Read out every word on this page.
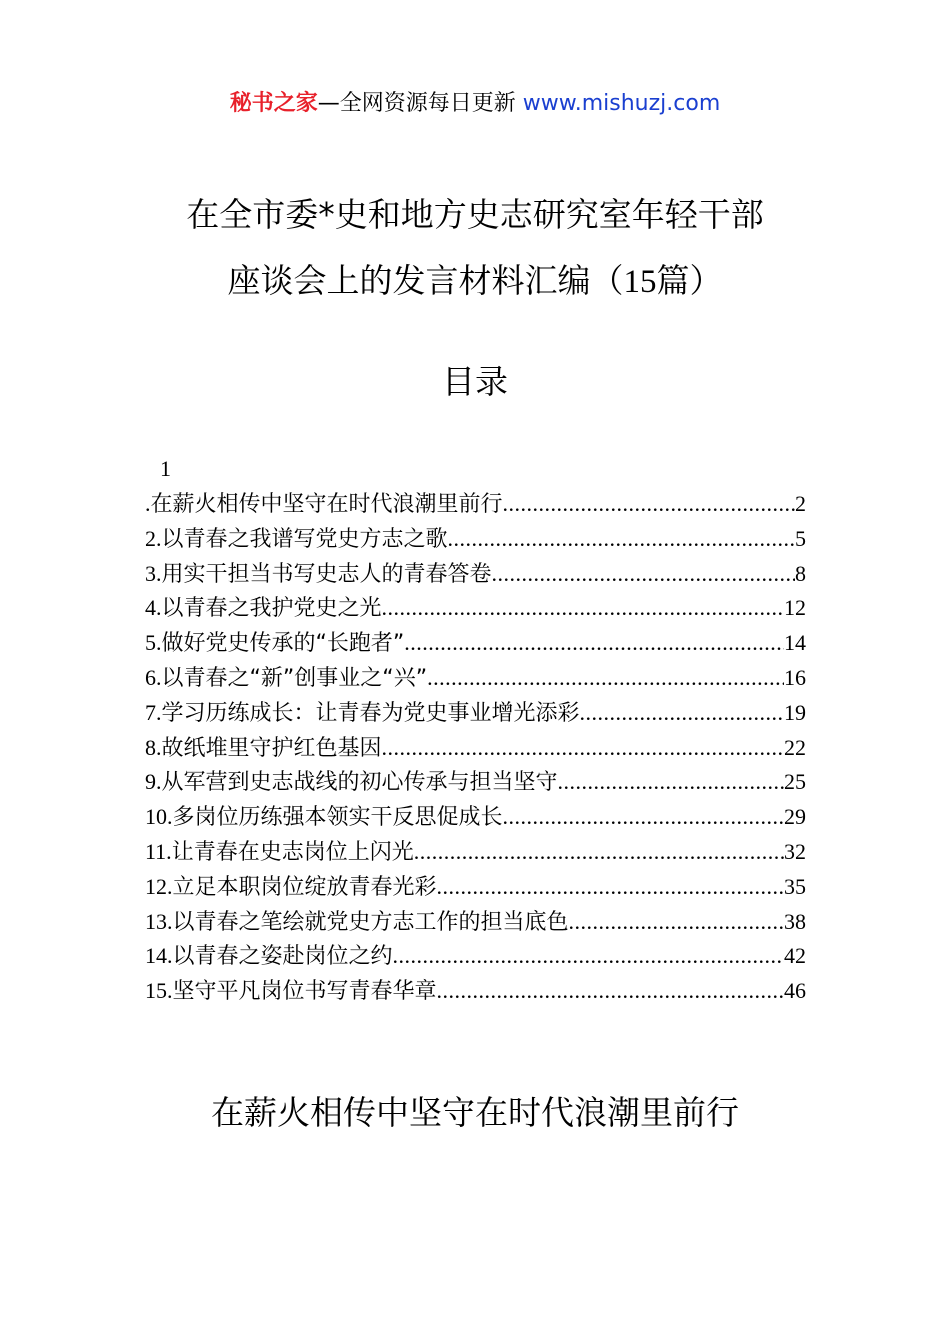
秘书之家—全网资源每日更新 www.mishuzj.com
在全市委*史和地方史志研究室年轻干部
座谈会上的发言材料汇编（15篇）
目录
1
. 在薪火相传中坚守在时代浪潮里前行 .....	2
2. 以青春之我谱写党史方志之歌 .....	5
3. 用实干担当书写史志人的青春答卷 .....	8
4. 以青春之我护党史之光 .....	12
5. 做好党史传承的“长跑者” .....	14
6. 以青春之“新”创事业之“兴” .....	16
7. 学习历练成长：让青春为党史事业增光添彩 .....	19
8. 故纸堆里守护红色基因 .....	22
9. 从军营到史志战线的初心传承与担当坚守 .....	25
10. 多岗位历练强本领实干反思促成长 .....	29
11. 让青春在史志岗位上闪光 .....	32
12. 立足本职岗位绽放青春光彩 .....	35
13. 以青春之笔绘就党史方志工作的担当底色 .....	38
14. 以青春之姿赴岗位之约 .....	42
15. 坚守平凡岗位书写青春华章 .....	46
在薪火相传中坚守在时代浪潮里前行
